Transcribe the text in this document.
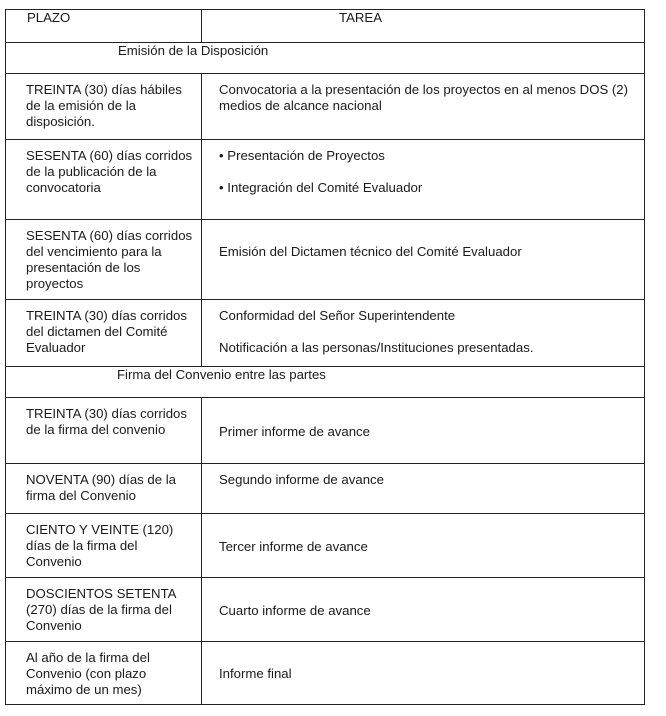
PLAZO	TAREA
Emisión de la Disposición	
TREINTA (30) días hábiles de la emisión de la disposición.	Convocatoria a la presentación de los proyectos en al menos DOS (2) medios de alcance nacional

SESENTA (60) días corridos de la publicación de la convocatoria	• Presentación de Proyectos

• Integración del Comité Evaluador

SESENTA (60) días corridos del vencimiento para la presentación de los proyectos	Emisión del Dictamen técnico del Comité Evaluador

TREINTA (30) días corridos del dictamen del Comité Evaluador	Conformidad del Señor Superintendente

Notificación a las personas/Instituciones presentadas.

Firma del Convenio entre las partes	
TREINTA (30) días corridos de la firma del convenio	Primer informe de avance
NOVENTA (90) días de la firma del Convenio	Segundo informe de avance
CIENTO Y VEINTE (120) días de la firma del Convenio	Tercer informe de avance
DOSCIENTOS SETENTA (270) días de la firma del Convenio	Cuarto informe de avance
Al año de la firma del Convenio (con plazo máximo de un mes)	Informe final
